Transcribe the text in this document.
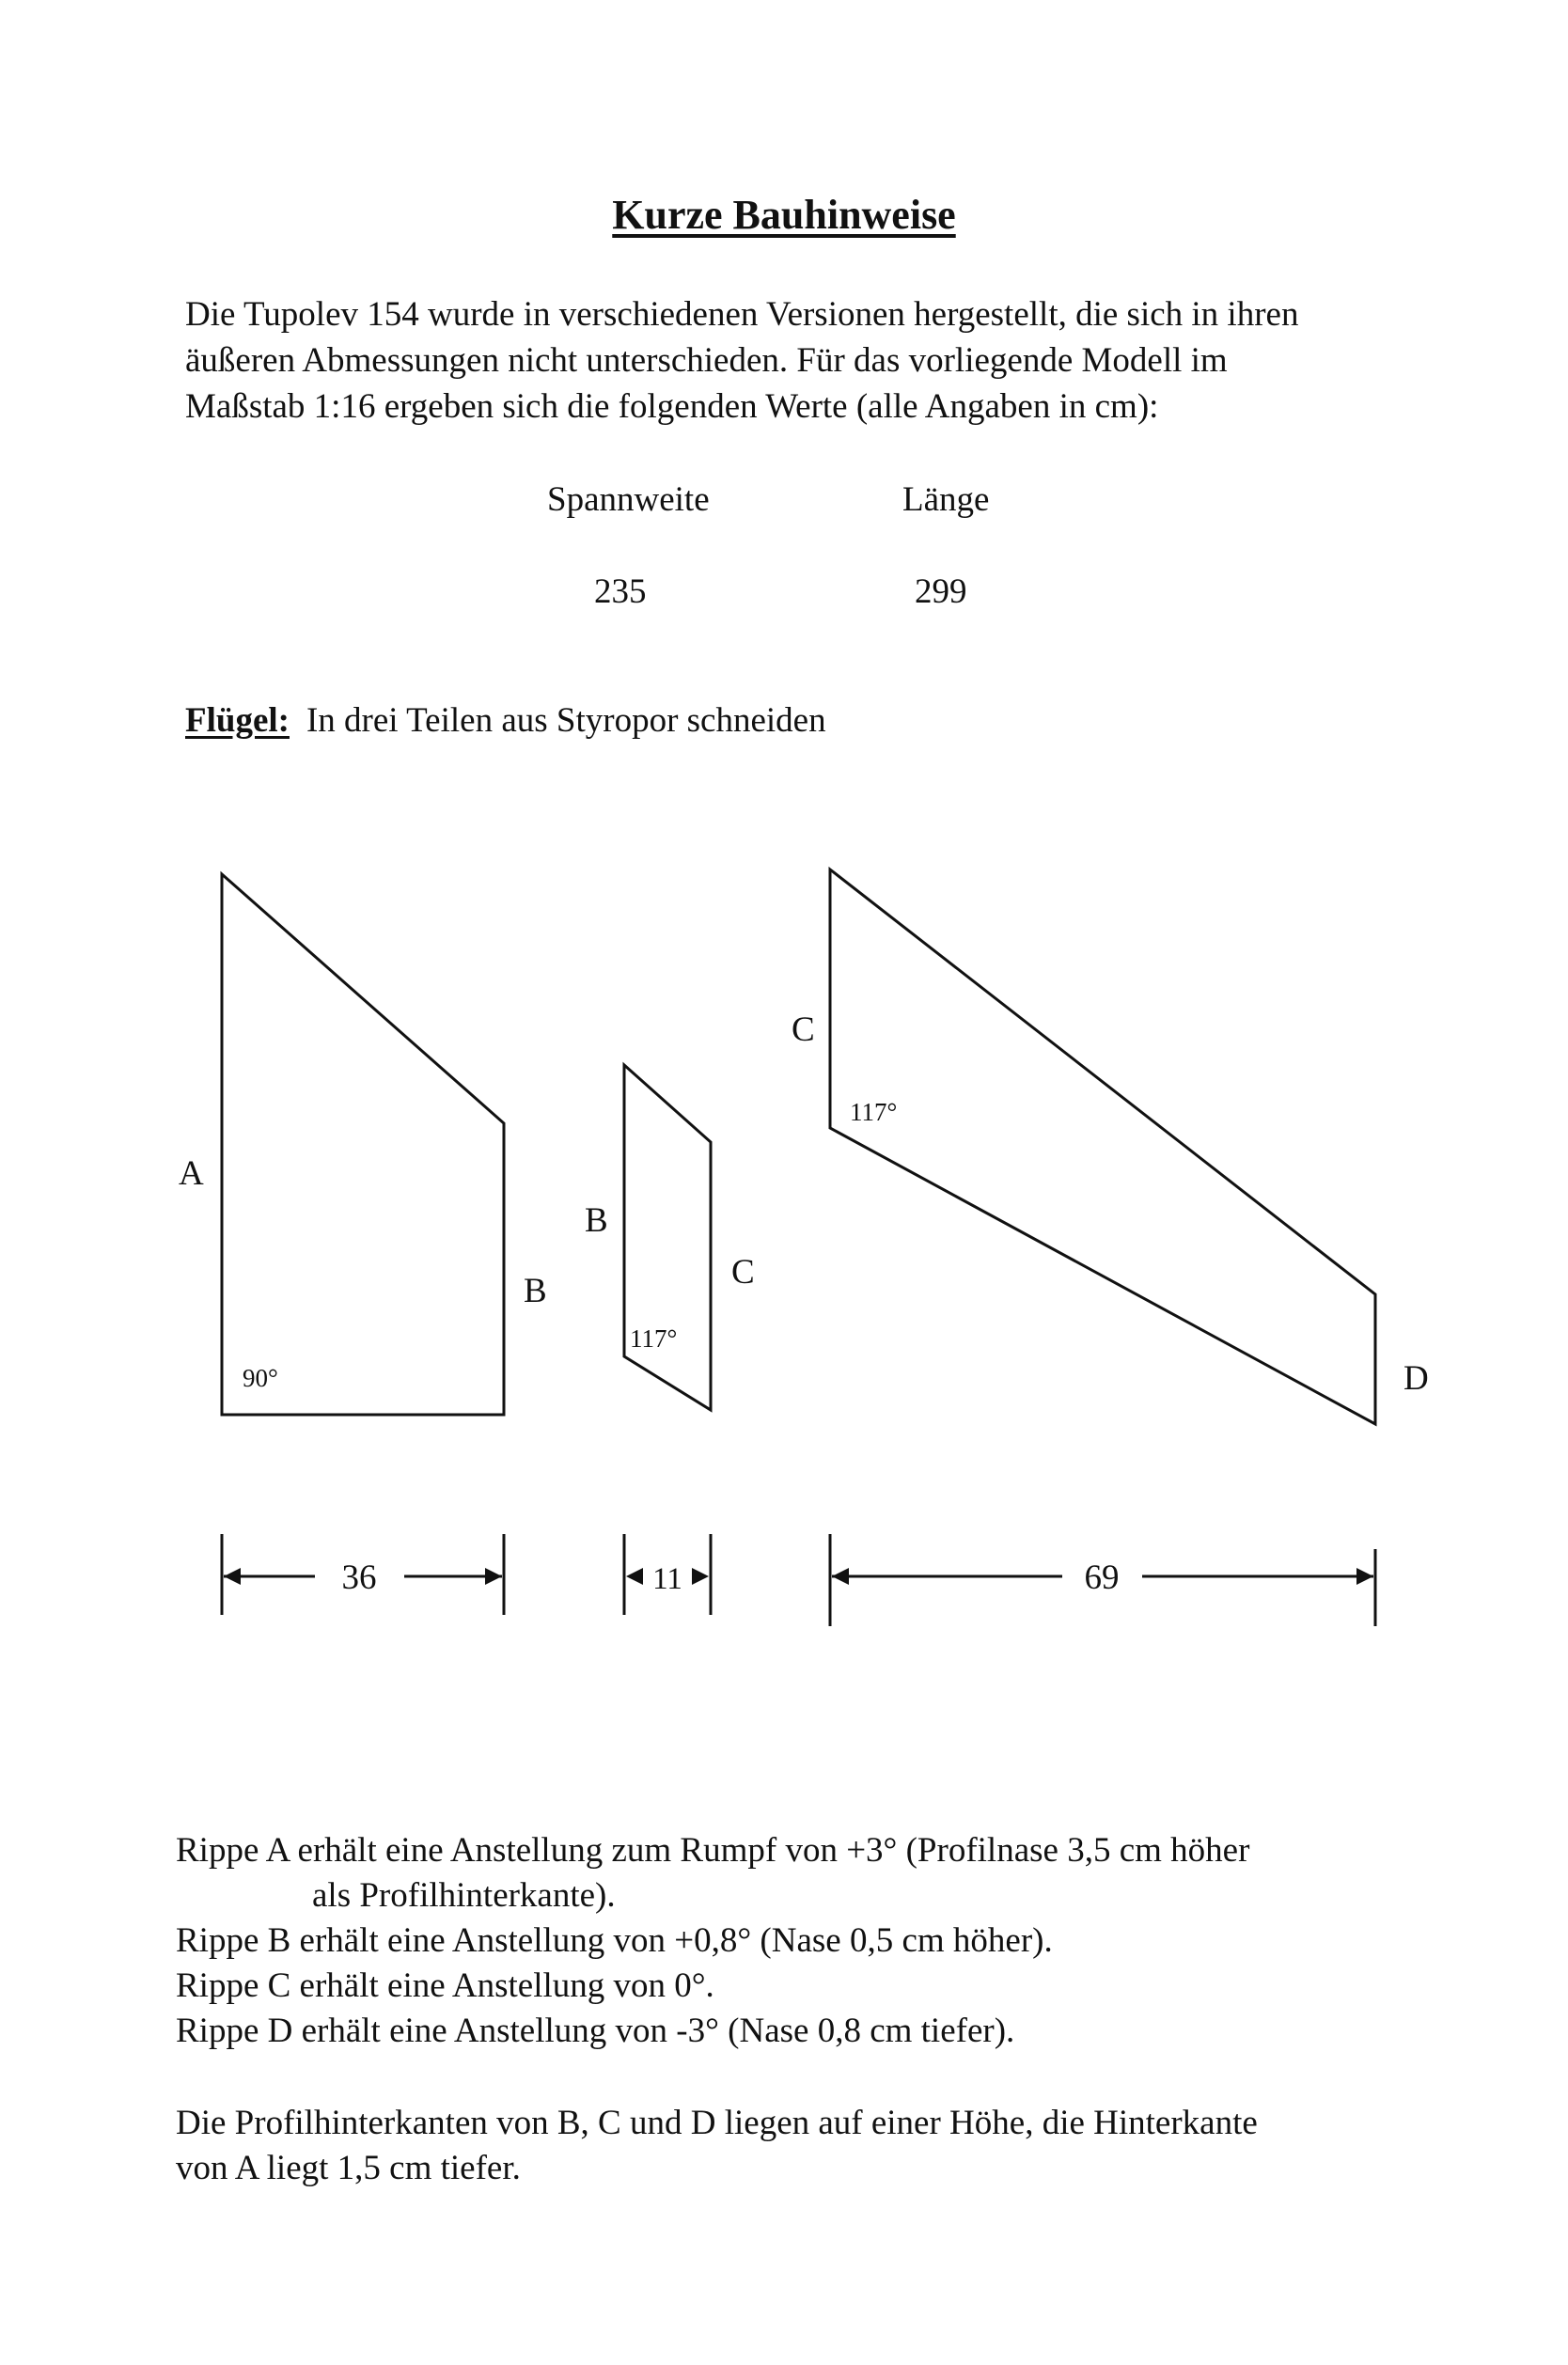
Kurze Bauhinweise
Die Tupolev 154 wurde in verschiedenen Versionen hergestellt, die sich in ihren
äußeren Abmessungen nicht unterschieden. Für das vorliegende Modell im
Maßstab 1:16 ergeben sich die folgenden Werte (alle Angaben in cm):
Spannweite	Länge
235	299
Flügel: In drei Teilen aus Styropor schneiden
A
B
90°
B
C
117°
C
D
117°
36	11	69
Rippe A erhält eine Anstellung zum Rumpf von +3° (Profilnase 3,5 cm höher
als Profilhinterkante).
Rippe B erhält eine Anstellung von +0,8° (Nase 0,5 cm höher).
Rippe C erhält eine Anstellung von 0°.
Rippe D erhält eine Anstellung von -3° (Nase 0,8 cm tiefer).
Die Profilhinterkanten von B, C und D liegen auf einer Höhe, die Hinterkante
von A liegt 1,5 cm tiefer.
